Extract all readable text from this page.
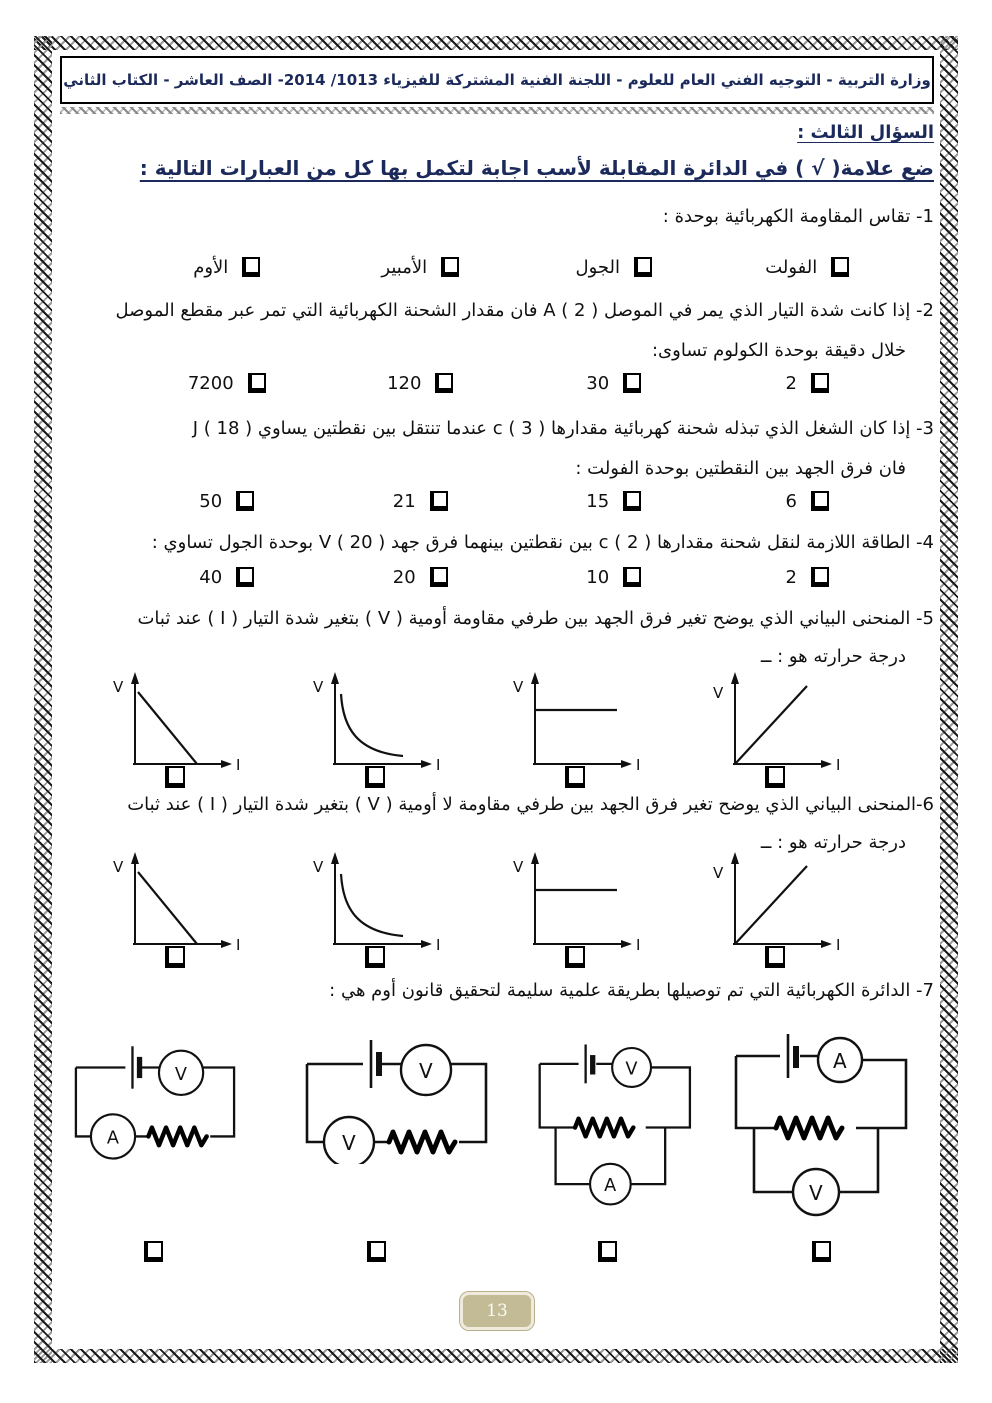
وزارة التربية - التوجيه الفني العام للعلوم - اللجنة الفنية المشتركة للفيزياء 1013/ 2014- الصف العاشر - الكتاب الثاني
السؤال الثالث :
ضع علامة( √ ) في الدائرة المقابلة لأسب اجابة لتكمل بها كل من العبارات التالية :
1- تقاس المقاومة الكهربائية بوحدة :
الفولت
الجول
الأمبير
الأوم
2- إذا كانت شدة التيار الذي يمر في الموصل A ( 2 ) فان مقدار الشحنة الكهربائية التي تمر عبر مقطع الموصل
خلال دقيقة بوحدة الكولوم تساوى:
2
30
120
7200
3- إذا كان الشغل الذي تبذله شحنة كهربائية مقدارها c ( 3 ) عندما تنتقل بين نقطتين يساوي J ( 18 )
فان فرق الجهد بين النقطتين بوحدة الفولت :
6
15
21
50
4- الطاقة اللازمة لنقل شحنة مقدارها c ( 2 ) بين نقطتين بينهما فرق جهد V ( 20 ) بوحدة الجول تساوي :
2
10
20
40
5- المنحنى البياني الذي يوضح تغير فرق الجهد بين طرفي مقاومة أومية ( V ) بتغير شدة التيار ( I ) عند ثبات
درجة حرارته هو : ــ
V
I
V
I
V
I
V
I
6-المنحنى البياني الذي يوضح تغير فرق الجهد بين طرفي مقاومة لا أومية ( V ) بتغير شدة التيار ( I ) عند ثبات
درجة حرارته هو : ــ
V
I
V
I
V
I
V
I
7- الدائرة الكهربائية التي تم توصيلها بطريقة علمية سليمة لتحقيق قانون أوم هي :
V
A
V
V
V
A
A
V
13
